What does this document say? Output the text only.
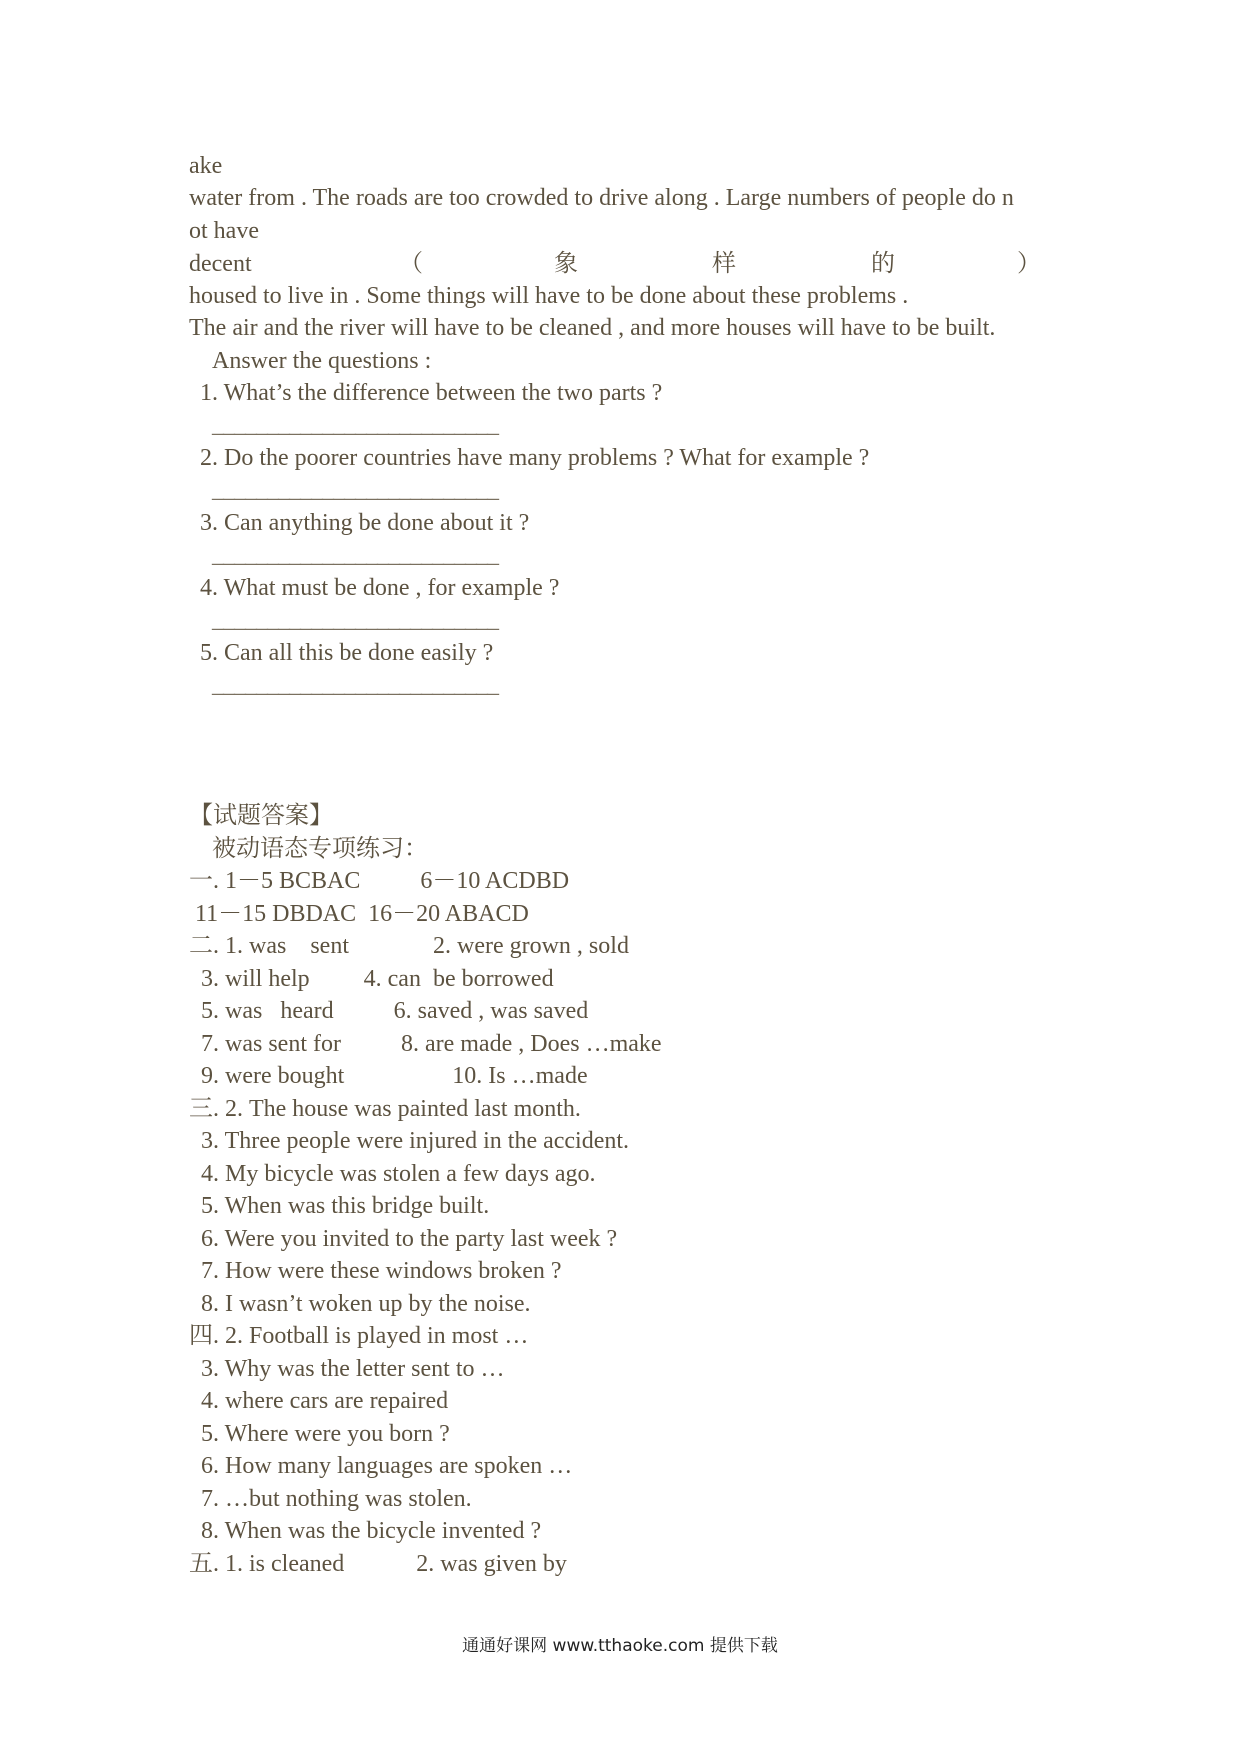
ake
water from . The roads are too crowded to drive along . Large numbers of people do n
ot have
decent	（	象	样	的	）
housed to live in . Some things will have to be done about these problems .
The air and the river will have to be cleaned , and more houses will have to be built.
Answer the questions :
1. What’s the difference between the two parts ?
__________________________
2. Do the poorer countries have many problems ? What for example ?
__________________________
3. Can anything be done about it ?
__________________________
4. What must be done , for example ?
__________________________
5. Can all this be done easily ?
__________________________
【试题答案】
被动语态专项练习：
一. 1－5 BCBAC          6－10 ACDBD
11－15 DBDAC  16－20 ABACD
二. 1. was    sent              2. were grown , sold
3. will help         4. can  be borrowed
5. was   heard          6. saved , was saved
7. was sent for          8. are made , Does …make
9. were bought                  10. Is …made
三. 2. The house was painted last month.
3. Three people were injured in the accident.
4. My bicycle was stolen a few days ago.
5. When was this bridge built.
6. Were you invited to the party last week ?
7. How were these windows broken ?
8. I wasn’t woken up by the noise.
四. 2. Football is played in most …
3. Why was the letter sent to …
4. where cars are repaired
5. Where were you born ?
6. How many languages are spoken …
7. …but nothing was stolen.
8. When was the bicycle invented ?
五. 1. is cleaned            2. was given by
通通好课网 www.tthaoke.com 提供下载
